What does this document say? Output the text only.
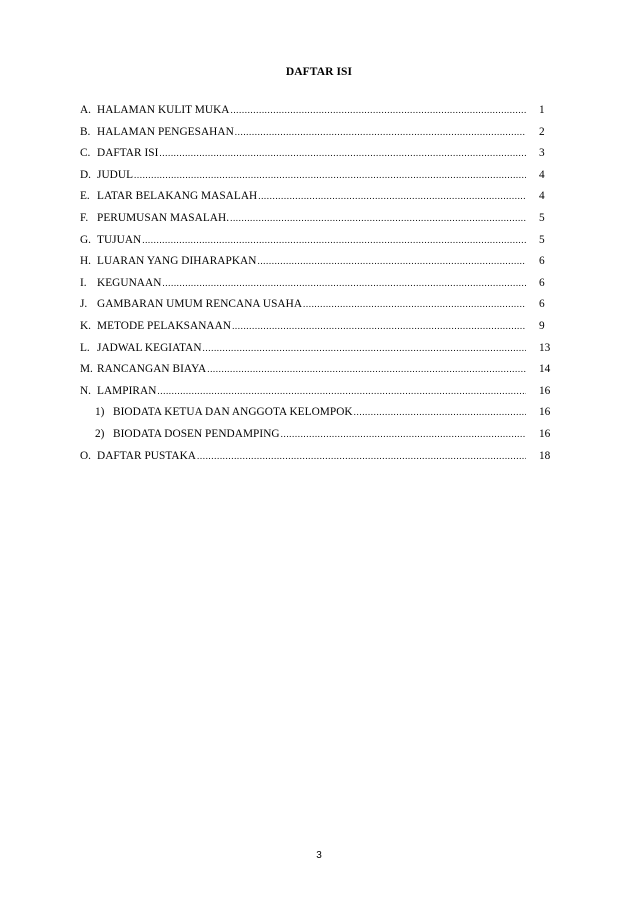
DAFTAR ISI
A. HALAMAN KULIT MUKA .....	1
B. HALAMAN PENGESAHAN .....	2
C. DAFTAR ISI .....	3
D. JUDUL .....	4
E. LATAR BELAKANG MASALAH .....	4
F. PERUMUSAN MASALAH. .....	5
G. TUJUAN .....	5
H. LUARAN YANG DIHARAPKAN .....	6
I. KEGUNAAN .....	6
J. GAMBARAN UMUM RENCANA USAHA .....	6
K. METODE PELAKSANAAN .....	9
L. JADWAL KEGIATAN .....	13
M. RANCANGAN BIAYA .....	14
N. LAMPIRAN .....	16
1) BIODATA KETUA DAN ANGGOTA KELOMPOK .....	16
2) BIODATA DOSEN PENDAMPING .....	16
O. DAFTAR PUSTAKA .....	18
3
